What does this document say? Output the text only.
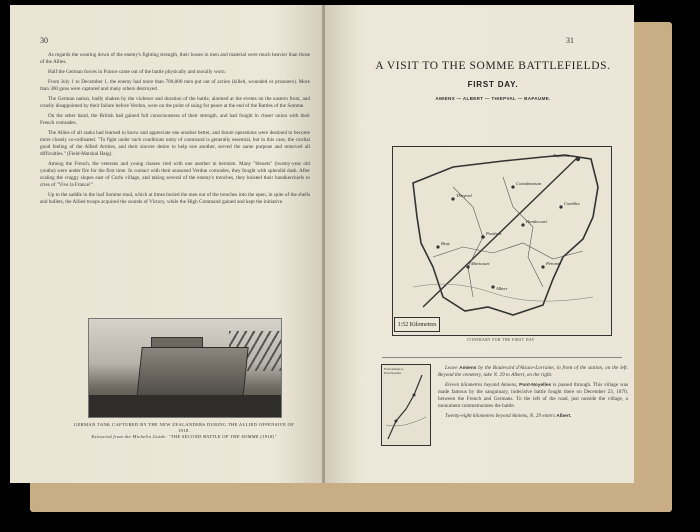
30

As regards the wearing down of the enemy's fighting strength, their losses in men and material were much heavier than those of the Allies.

Half the German forces in France came out of the battle physically and morally worn.

From July 1 to December 1, the enemy had more than 700,000 men put out of action (killed, wounded or prisoners). More than 300 guns were captured and many others destroyed.

The German nation, badly shaken by the violence and duration of the battle, alarmed at the events on the eastern front, and cruelly disappointed by their failure before Verdun, were on the point of suing for peace at the end of the Battles of the Somme.

On the other hand, the British had gained full consciousness of their strength, and had fought in closer union with their French comrades.

The Allies of all ranks had learned to know and appreciate one another better, and future operations were destined to become more closely co-ordinated. "To fight under such conditions unity of command is generally essential, but in this case, the cordial good feeling of the Allied Armies, and their sincere desire to help one another, served the same purpose and removed all difficulties." (Field-Marshal Haig).

Among the French, the veterans and young classes vied with one another in heroism. Many "bleuets" (twenty-year old youths) were under fire for the first time. In contact with their seasoned Verdun comrades, they fought with splendid dash. After scaling the craggy slopes east of Curlu village, and taking several of the enemy's trenches, they hoisted their handkerchiefs to cries of "Vive la France!"

Up to the saddle in the loaf Somme mud, which at times buried the men out of the trenches into the open, in spite of the shells and bullets, the Allied troops acquired the sounds of Victory, while the High Command gained and kept the initiative.

GERMAN TANK CAPTURED BY THE NEW ZEALANDERS DURING THE ALLIED OFFENSIVE OF 1918.
Extracted from the Michelin Guide: "THE SECOND BATTLE OF THE SOMME (1918)"
31
A VISIT TO THE SOMME BATTLEFIELDS.
FIRST DAY.
AMIENS — ALBERT — THIEPVAL — BAPAUME.
Bapaume
Pozières
Thiepval
Albert
Bray
Péronne
Combles
Maricourt
Contalmaison
Hardecourt
1:52 Kilometres
ITINERARY FOR THE FIRST DAY
From Amiens to Pont-Noyelles

Leave Amiens by the Boulevard d'Alsace-Lorraine, in front of the station, on the left. Beyond the cemetery, take N. 29 to Albert, on the right.

Eleven kilometres beyond Amiens, Pont-Noyelles is passed through. This village was made famous by the sanguinary, indecisive battle fought there on December 23, 1870, between the French and Germans. To the left of the road, just outside the village, a monument commemorates the battle.

Twenty-eight kilometres beyond Amiens, N. 29 enters Albert.
